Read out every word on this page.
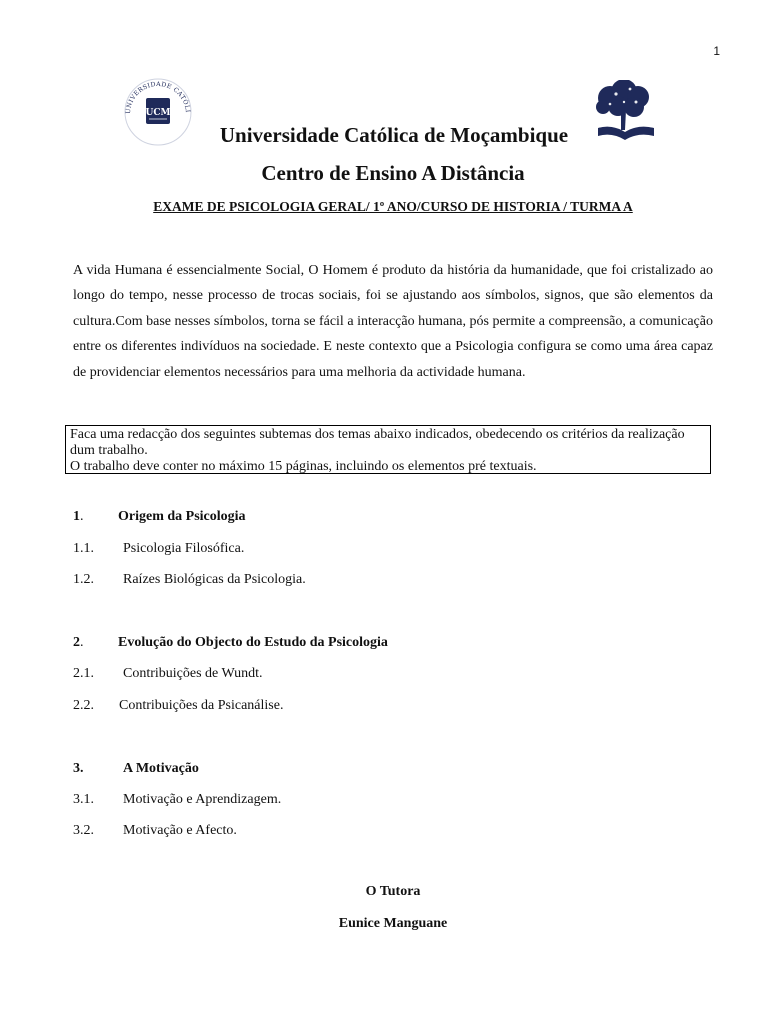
1
UNIVERSIDADE CATÓLI
UCM
Universidade Católica de Moçambique
Centro de Ensino A Distância
EXAME DE PSICOLOGIA GERAL/ 1º ANO/CURSO DE HISTORIA / TURMA A

A vida Humana é essencialmente Social, O Homem é produto da história da humanidade, que foi cristalizado ao longo do tempo, nesse processo de trocas sociais, foi se ajustando aos símbolos, signos, que são elementos da cultura.Com base nesses símbolos, torna se fácil a interacção humana, pós permite a compreensão, a comunicação entre os diferentes indivíduos na sociedade. E neste contexto que a Psicologia configura se como uma área capaz de providenciar elementos necessários para uma melhoria da actividade humana.

Faca uma redacção dos seguintes subtemas dos temas abaixo indicados, obedecendo os critérios da realização dum trabalho.
O trabalho deve conter no máximo 15 páginas, incluindo os elementos pré textuais.
1. Origem da Psicologia
1.1. Psicologia Filosófica.
1.2. Raízes Biológicas da Psicologia.
2. Evolução do Objecto do Estudo da Psicologia
2.1. Contribuições de Wundt.
2.2. Contribuições da Psicanálise.
3.	A Motivação
3.1. Motivação e Aprendizagem.
3.2. Motivação e Afecto.
O Tutora
Eunice Manguane
